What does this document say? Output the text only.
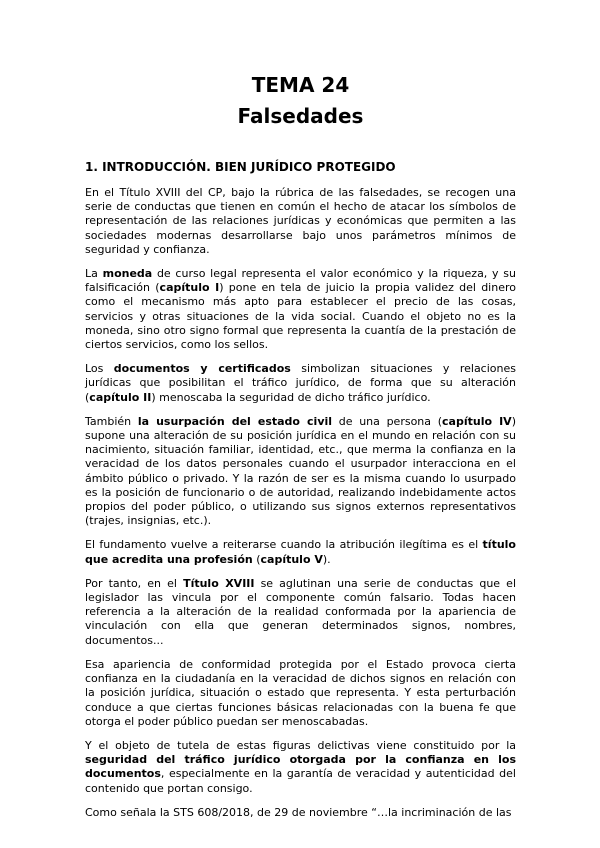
TEMA 24
Falsedades
1. INTRODUCCIÓN. BIEN JURÍDICO PROTEGIDO

En el Título XVIII del CP, bajo la rúbrica de las falsedades, se recogen una serie de conductas que tienen en común el hecho de atacar los símbolos de representación de las relaciones jurídicas y económicas que permiten a las sociedades modernas desarrollarse bajo unos parámetros mínimos de seguridad y confianza.

La moneda de curso legal representa el valor económico y la riqueza, y su falsificación (capítulo I) pone en tela de juicio la propia validez del dinero como el mecanismo más apto para establecer el precio de las cosas, servicios y otras situaciones de la vida social. Cuando el objeto no es la moneda, sino otro signo formal que representa la cuantía de la prestación de ciertos servicios, como los sellos.

Los documentos y certificados simbolizan situaciones y relaciones jurídicas que posibilitan el tráfico jurídico, de forma que su alteración (capítulo II) menoscaba la seguridad de dicho tráfico jurídico.

También la usurpación del estado civil de una persona (capítulo IV) supone una alteración de su posición jurídica en el mundo en relación con su nacimiento, situación familiar, identidad, etc., que merma la confianza en la veracidad de los datos personales cuando el usurpador interacciona en el ámbito público o privado. Y la razón de ser es la misma cuando lo usurpado es la posición de funcionario o de autoridad, realizando indebidamente actos propios del poder público, o utilizando sus signos externos representativos (trajes, insignias, etc.).

El fundamento vuelve a reiterarse cuando la atribución ilegítima es el título que acredita una profesión (capítulo V).

Por tanto, en el Título XVIII se aglutinan una serie de conductas que el legislador las vincula por el componente común falsario. Todas hacen referencia a la alteración de la realidad conformada por la apariencia de vinculación con ella que generan determinados signos, nombres, documentos...

Esa apariencia de conformidad protegida por el Estado provoca cierta confianza en la ciudadanía en la veracidad de dichos signos en relación con la posición jurídica, situación o estado que representa. Y esta perturbación conduce a que ciertas funciones básicas relacionadas con la buena fe que otorga el poder público puedan ser menoscabadas.

Y el objeto de tutela de estas figuras delictivas viene constituido por la seguridad del tráfico jurídico otorgada por la confianza en los documentos, especialmente en la garantía de veracidad y autenticidad del contenido que portan consigo.

Como señala la STS 608/2018, de 29 de noviembre “…la incriminación de las
